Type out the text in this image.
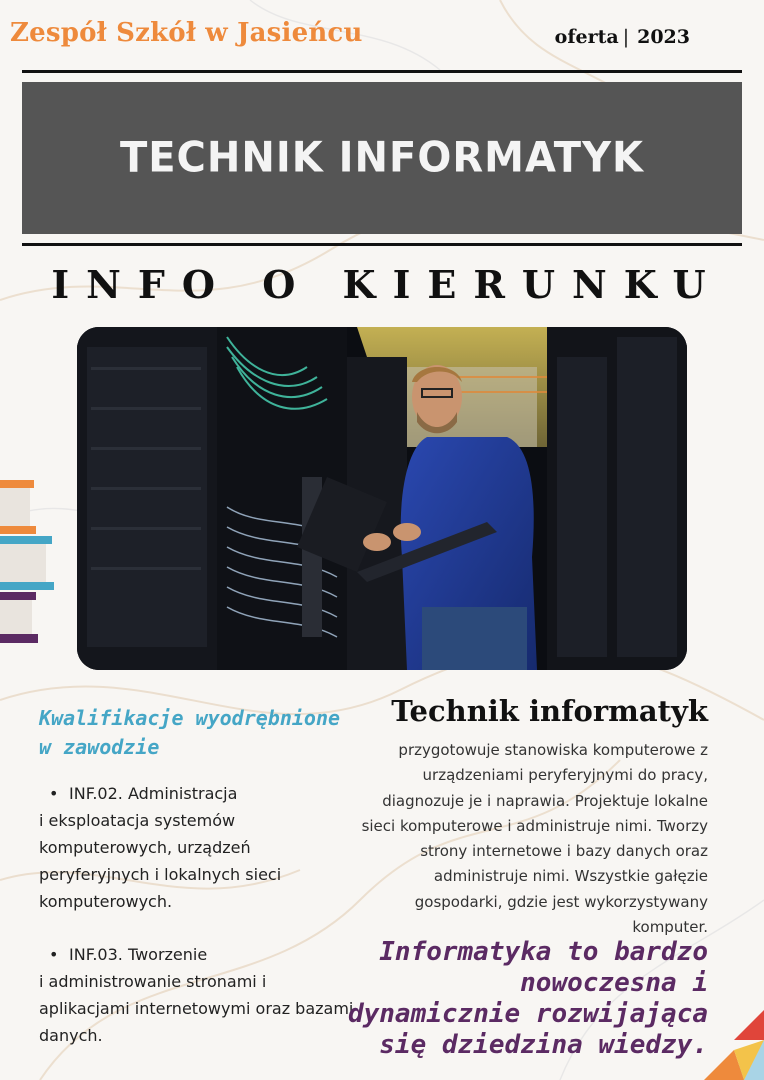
Zespół Szkół w Jasieńcu	oferta | 2023
TECHNIK INFORMATYK
INFO O KIERUNKU
Kwalifikacje wyodrębnione w zawodzie
• INF.02. Administracja
i eksploatacja systemów komputerowych, urządzeń peryferyjnych i lokalnych sieci komputerowych.
• INF.03. Tworzenie
i administrowanie stronami i aplikacjami internetowymi oraz bazami danych.
Technik informatyk
przygotowuje stanowiska komputerowe z urządzeniami peryferyjnymi do pracy, diagnozuje je i naprawia. Projektuje lokalne sieci komputerowe i administruje nimi. Tworzy strony internetowe i bazy danych oraz administruje nimi. Wszystkie gałęzie gospodarki, gdzie jest wykorzystywany komputer.
Informatyka to bardzo nowoczesna i dynamicznie rozwijająca się dziedzina wiedzy.
